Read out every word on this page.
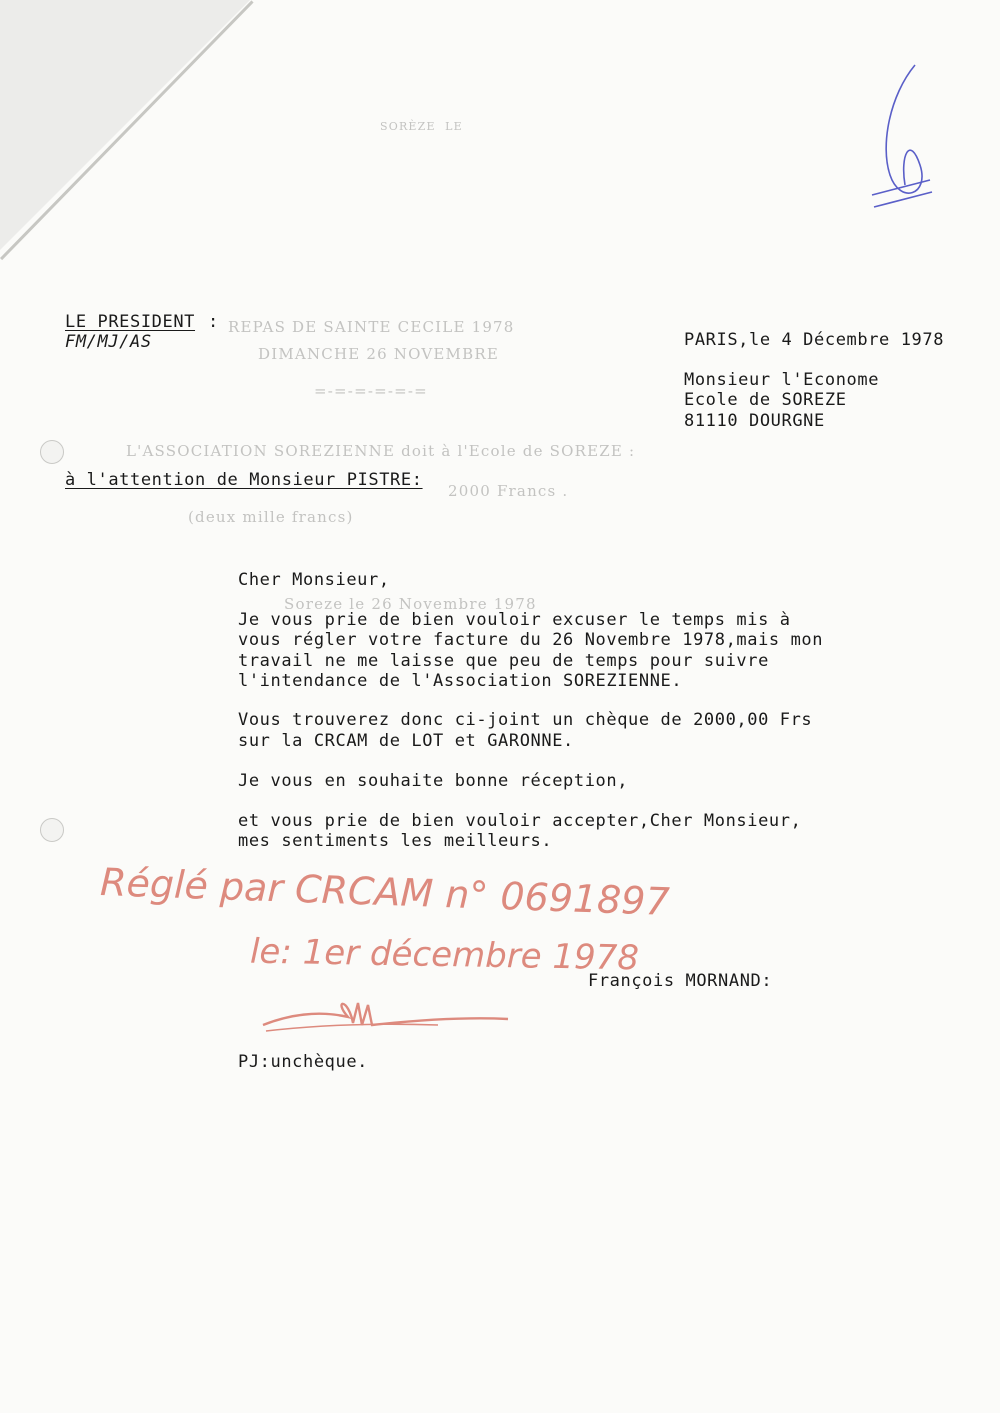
SORÈZE  LE
REPAS DE SAINTE CECILE 1978
DIMANCHE 26 NOVEMBRE
=-=-=-=-=-=
L'ASSOCIATION SOREZIENNE doit à l'Ecole de SOREZE :
2000 Francs .
(deux mille francs)
Soreze le 26 Novembre 1978
LE PRESIDENT :
FM/MJ/AS	PARIS,le 4 Décembre 1978
Monsieur l'Econome
Ecole de SOREZE
81110 DOURGNE
à l'attention de Monsieur PISTRE:
Cher Monsieur,
Je vous prie de bien vouloir excuser le temps mis à
vous régler votre facture du 26 Novembre 1978,mais mon
travail ne me laisse que peu de temps pour suivre
l'intendance de l'Association SOREZIENNE.
Vous trouverez donc ci-joint un chèque de 2000,00 Frs
sur la CRCAM de LOT et GARONNE.
Je vous en souhaite bonne réception,
et vous prie de bien vouloir accepter,Cher Monsieur,
mes sentiments les meilleurs.
Réglé par CRCAM n° 0691897
le: 1er décembre 1978
François MORNAND:
PJ:unchèque.
